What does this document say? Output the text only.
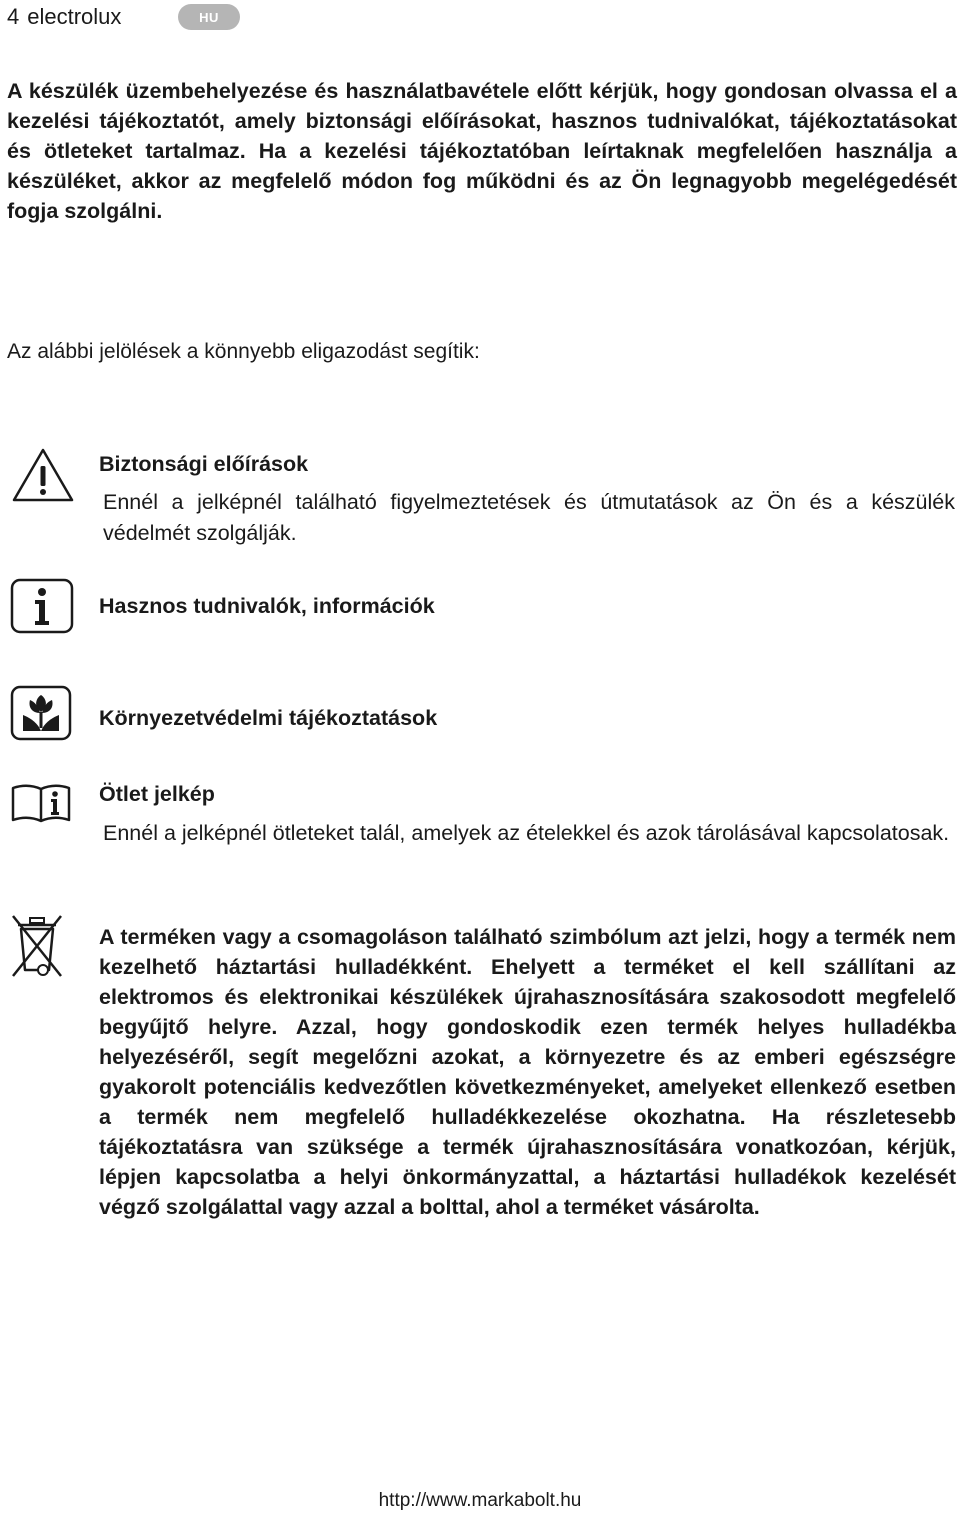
4 electrolux	HU

A készülék üzembehelyezése és használatbavétele előtt kérjük, hogy gondosan olvassa el a kezelési tájékoztatót, amely biztonsági előírásokat, hasznos tudnivalókat, tájékoztatásokat és ötleteket tartalmaz. Ha a kezelési tájékoztatóban leírtaknak megfelelően használja a készüléket, akkor az megfelelő módon fog működni és az Ön legnagyobb megelégedését fogja szolgálni.

Az alábbi jelölések a könnyebb eligazodást segítik:

Biztonsági előírások

Ennél a jelképnél található figyelmeztetések és útmutatások az Ön és a készülék védelmét szolgálják.

Hasznos tudnivalók, információk

Környezetvédelmi tájékoztatások

Ötlet jelkép

Ennél a jelképnél ötleteket talál, amelyek az ételekkel és azok tárolásával kapcsolatosak.

A terméken vagy a csomagoláson található szimbólum azt jelzi, hogy a termék nem kezelhető háztartási hulladékként. Ehelyett a terméket el kell szállítani az elektromos és elektronikai készülékek újrahasznosítására szakosodott megfelelő begyűjtő helyre. Azzal, hogy gondoskodik ezen termék helyes hulladékba helyezéséről, segít megelőzni azokat, a környezetre és az emberi egészségre gyakorolt potenciális kedvezőtlen következményeket, amelyeket ellenkező esetben a termék nem megfelelő hulladékkezelése okozhatna. Ha részletesebb tájékoztatásra van szüksége a termék újrahasznosítására vonatkozóan, kérjük, lépjen kapcsolatba a helyi önkormányzattal, a háztartási hulladékok kezelését végző szolgálattal vagy azzal a bolttal, ahol a terméket vásárolta.

http://www.markabolt.hu
